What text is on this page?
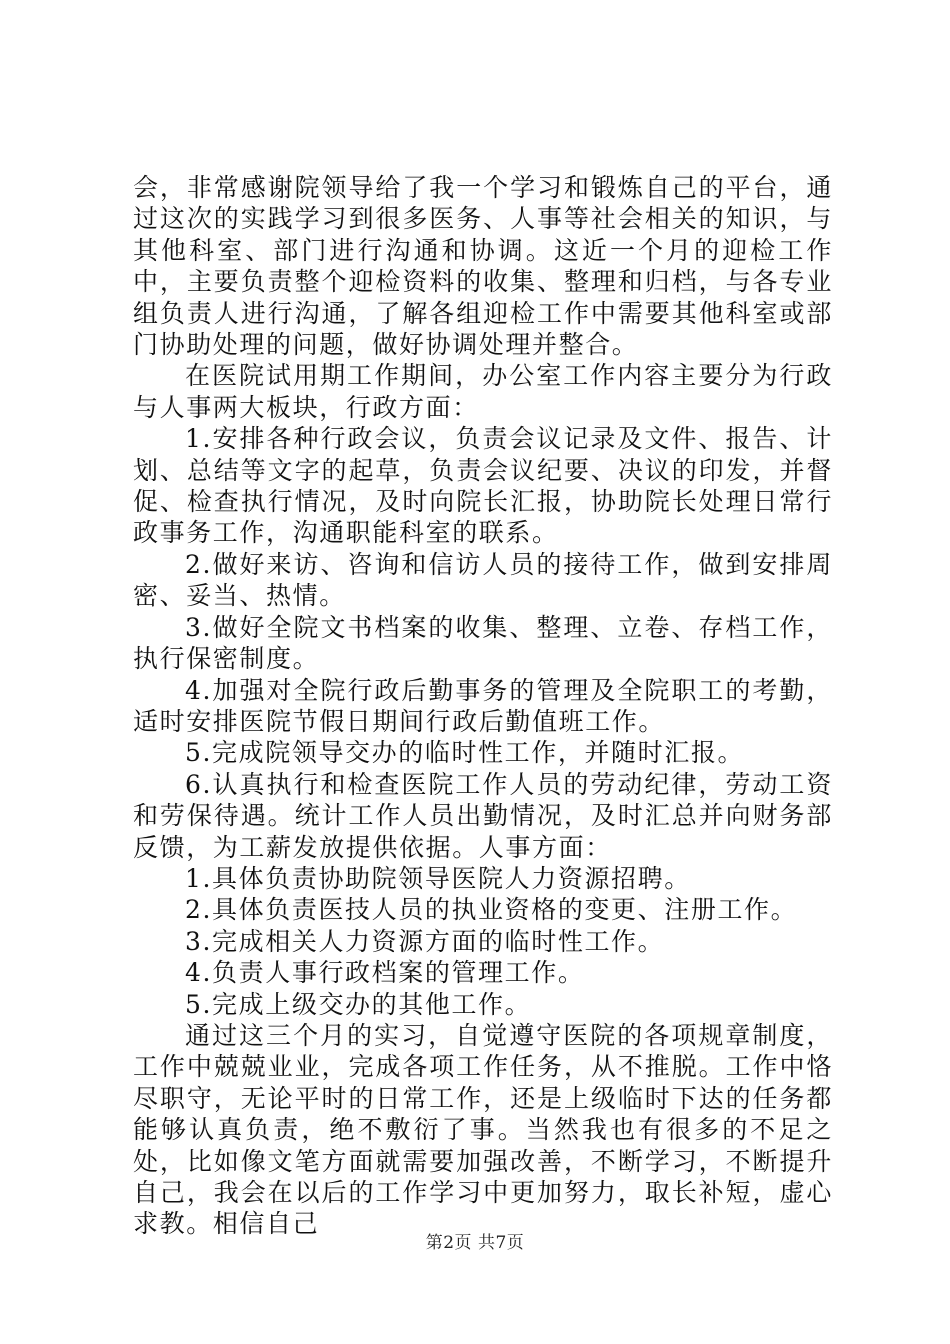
会，非常感谢院领导给了我一个学习和锻炼自己的平台，通过这次的实践学习到很多医务、人事等社会相关的知识，与其他科室、部门进行沟通和协调。这近一个月的迎检工作中，主要负责整个迎检资料的收集、整理和归档，与各专业组负责人进行沟通，了解各组迎检工作中需要其他科室或部门协助处理的问题，做好协调处理并整合。

在医院试用期工作期间，办公室工作内容主要分为行政与人事两大板块，行政方面：

1.安排各种行政会议，负责会议记录及文件、报告、计划、总结等文字的起草，负责会议纪要、决议的印发，并督促、检查执行情况，及时向院长汇报，协助院长处理日常行政事务工作，沟通职能科室的联系。

2.做好来访、咨询和信访人员的接待工作，做到安排周密、妥当、热情。

3.做好全院文书档案的收集、整理、立卷、存档工作，执行保密制度。

4.加强对全院行政后勤事务的管理及全院职工的考勤，适时安排医院节假日期间行政后勤值班工作。

5.完成院领导交办的临时性工作，并随时汇报。

6.认真执行和检查医院工作人员的劳动纪律，劳动工资和劳保待遇。统计工作人员出勤情况，及时汇总并向财务部反馈，为工薪发放提供依据。人事方面：

1.具体负责协助院领导医院人力资源招聘。

2.具体负责医技人员的执业资格的变更、注册工作。

3.完成相关人力资源方面的临时性工作。

4.负责人事行政档案的管理工作。

5.完成上级交办的其他工作。

通过这三个月的实习，自觉遵守医院的各项规章制度，工作中兢兢业业，完成各项工作任务，从不推脱。工作中恪尽职守，无论平时的日常工作，还是上级临时下达的任务都能够认真负责，绝不敷衍了事。当然我也有很多的不足之处，比如像文笔方面就需要加强改善，不断学习，不断提升自己，我会在以后的工作学习中更加努力，取长补短，虚心求教。相信自己

第2页 共7页
